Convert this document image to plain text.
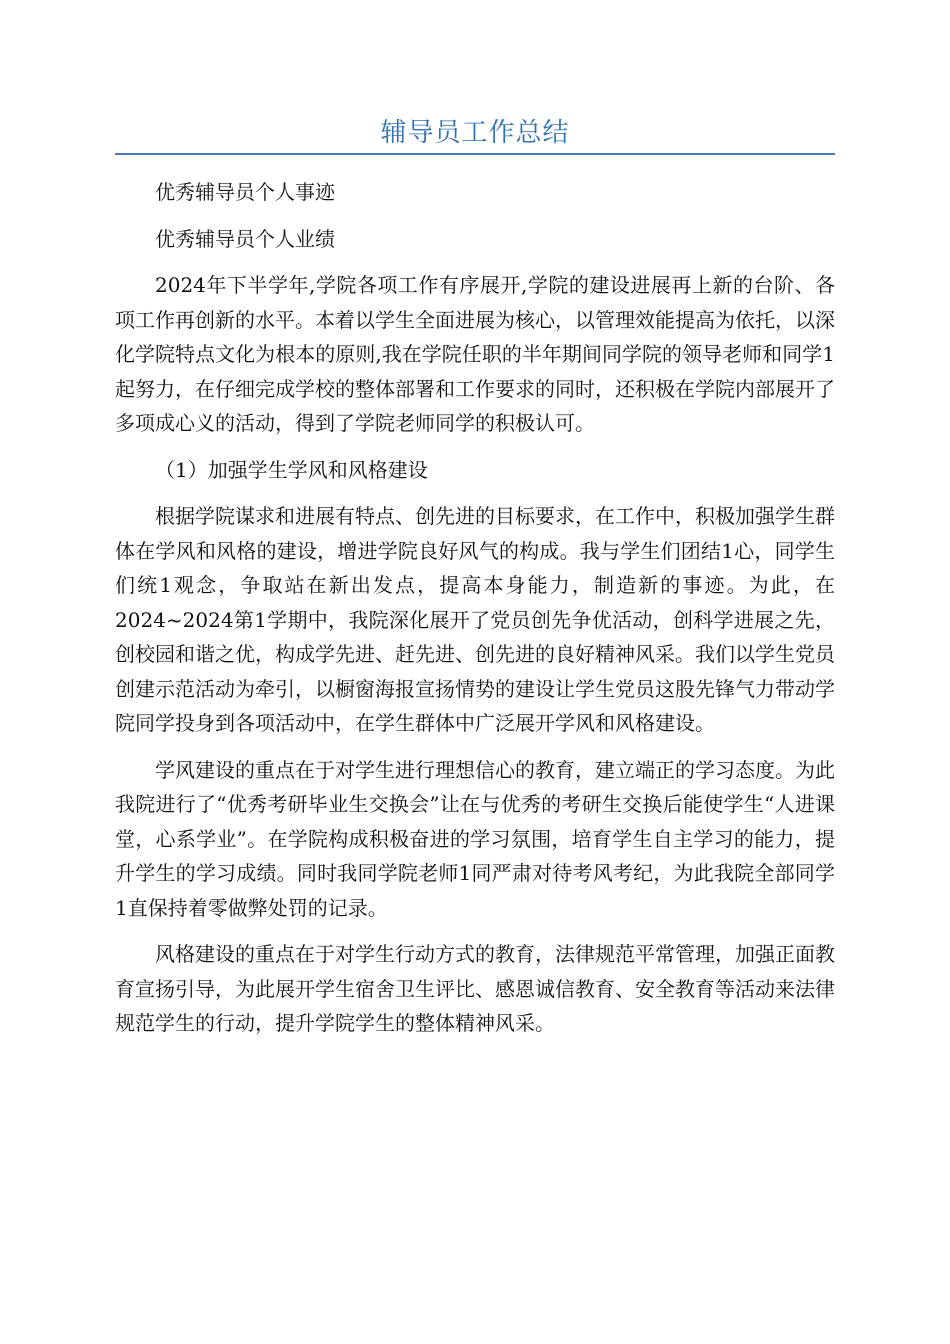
辅导员工作总结

优秀辅导员个人事迹

优秀辅导员个人业绩

2024年下半学年,学院各项工作有序展开,学院的建设进展再上新的台阶、各项工作再创新的水平。本着以学生全面进展为核心，以管理效能提高为依托，以深化学院特点文化为根本的原则,我在学院任职的半年期间同学院的领导老师和同学1起努力，在仔细完成学校的整体部署和工作要求的同时，还积极在学院内部展开了多项成心义的活动，得到了学院老师同学的积极认可。

（1）加强学生学风和风格建设

根据学院谋求和进展有特点、创先进的目标要求，在工作中，积极加强学生群体在学风和风格的建设，增进学院良好风气的构成。我与学生们团结1心，同学生们统1观念，争取站在新出发点，提高本身能力，制造新的事迹。为此，在2024~2024第1学期中，我院深化展开了党员创先争优活动，创科学进展之先，创校园和谐之优，构成学先进、赶先进、创先进的良好精神风采。我们以学生党员创建示范活动为牵引，以橱窗海报宣扬情势的建设让学生党员这股先锋气力带动学院同学投身到各项活动中，在学生群体中广泛展开学风和风格建设。

学风建设的重点在于对学生进行理想信心的教育，建立端正的学习态度。为此我院进行了“优秀考研毕业生交换会”让在与优秀的考研生交换后能使学生“人进课堂，心系学业”。在学院构成积极奋进的学习氛围，培育学生自主学习的能力，提升学生的学习成绩。同时我同学院老师1同严肃对待考风考纪，为此我院全部同学1直保持着零做弊处罚的记录。

风格建设的重点在于对学生行动方式的教育，法律规范平常管理，加强正面教育宣扬引导，为此展开学生宿舍卫生评比、感恩诚信教育、安全教育等活动来法律规范学生的行动，提升学院学生的整体精神风采。
